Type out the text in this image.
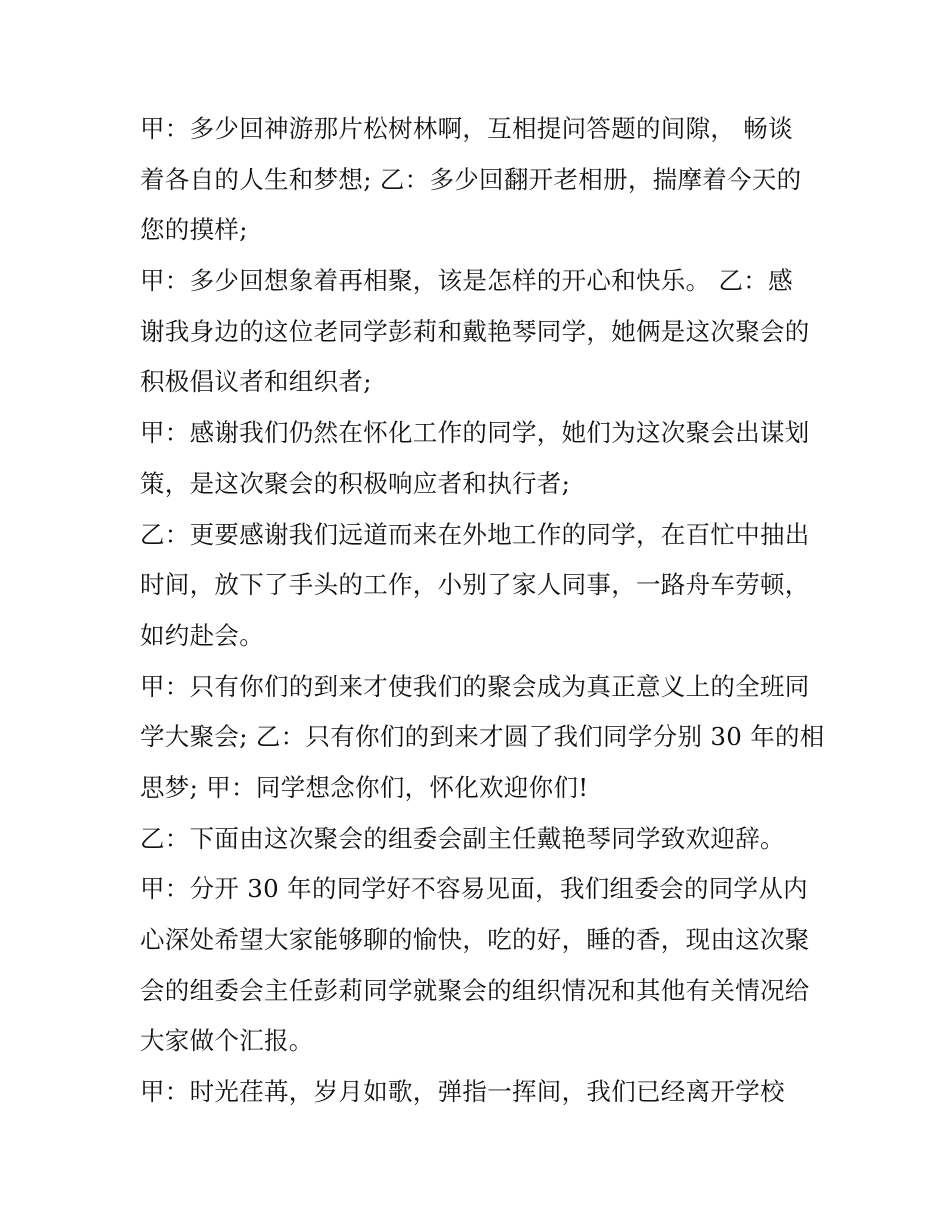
甲：多少回神游那片松树林啊，互相提问答题的间隙， 畅谈
着各自的人生和梦想; 乙：多少回翻开老相册，揣摩着今天的
您的摸样;
甲：多少回想象着再相聚，该是怎样的开心和快乐。 乙：感
谢我身边的这位老同学彭莉和戴艳琴同学，她俩是这次聚会的
积极倡议者和组织者;
甲：感谢我们仍然在怀化工作的同学，她们为这次聚会出谋划
策，是这次聚会的积极响应者和执行者;
乙：更要感谢我们远道而来在外地工作的同学，在百忙中抽出
时间，放下了手头的工作，小别了家人同事，一路舟车劳顿，
如约赴会。
甲：只有你们的到来才使我们的聚会成为真正意义上的全班同
学大聚会; 乙：只有你们的到来才圆了我们同学分别 30 年的相
思梦; 甲：同学想念你们，怀化欢迎你们!
乙：下面由这次聚会的组委会副主任戴艳琴同学致欢迎辞。
甲：分开 30 年的同学好不容易见面，我们组委会的同学从内
心深处希望大家能够聊的愉快，吃的好，睡的香，现由这次聚
会的组委会主任彭莉同学就聚会的组织情况和其他有关情况给
大家做个汇报。
甲：时光荏苒，岁月如歌，弹指一挥间，我们已经离开学校
